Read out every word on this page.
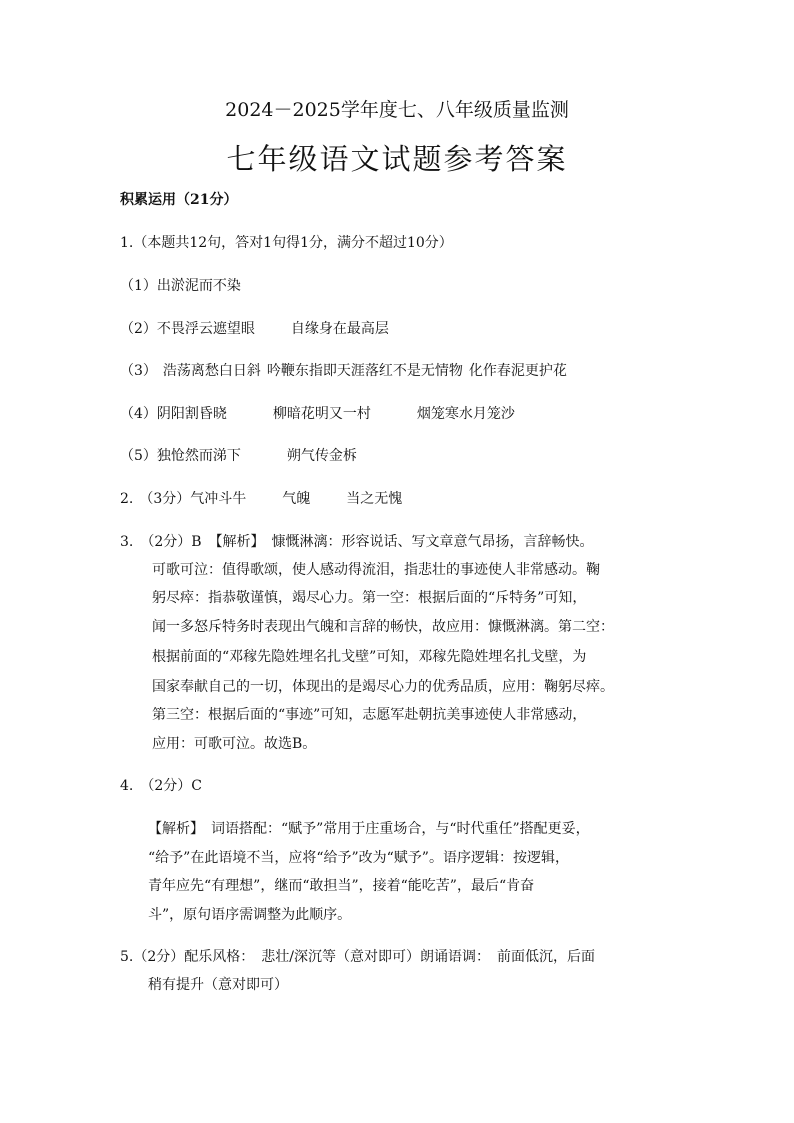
2024－2025学年度七、八年级质量监测
七年级语文试题参考答案
积累运用（21分）
1.（本题共12句，答对1句得1分，满分不超过10分）
（1）出淤泥而不染
（2）不畏浮云遮望眼	自缘身在最高层
（3） 浩荡离愁白日斜 吟鞭东指即天涯落红不是无情物 化作春泥更护花
（4）阴阳割昏晓	柳暗花明又一村	烟笼寒水月笼沙
（5）独怆然而涕下	朔气传金柝
2. （3分）气冲斗牛	气魄	当之无愧
3.　（2分）B　【解析】　慷慨淋漓：形容说话、写文章意气昂扬，言辞畅快。
可歌可泣：值得歌颂，使人感动得流泪，指悲壮的事迹使人非常感动。鞠
躬尽瘁：指恭敬谨慎，竭尽心力。第一空：根据后面的“斥特务”可知，
闻一多怒斥特务时表现出气魄和言辞的畅快，故应用：慷慨淋漓。第二空：
根据前面的“邓稼先隐姓埋名扎戈壁”可知，邓稼先隐姓埋名扎戈壁，为
国家奉献自己的一切，体现出的是竭尽心力的优秀品质，应用：鞠躬尽瘁。
第三空：根据后面的“事迹”可知，志愿军赴朝抗美事迹使人非常感动，
应用：可歌可泣。故选B。
4.　（2分）C
【解析】　词语搭配：“赋予”常用于庄重场合，与“时代重任”搭配更妥，
“给予”在此语境不当，应将“给予”改为“赋予”。语序逻辑：按逻辑，
青年应先“有理想”，继而“敢担当”，接着“能吃苦”，最后“肯奋
斗”，原句语序需调整为此顺序。
5.（2分）配乐风格：　悲壮/深沉等（意对即可）朗诵语调：　前面低沉，后面
稍有提升（意对即可）
